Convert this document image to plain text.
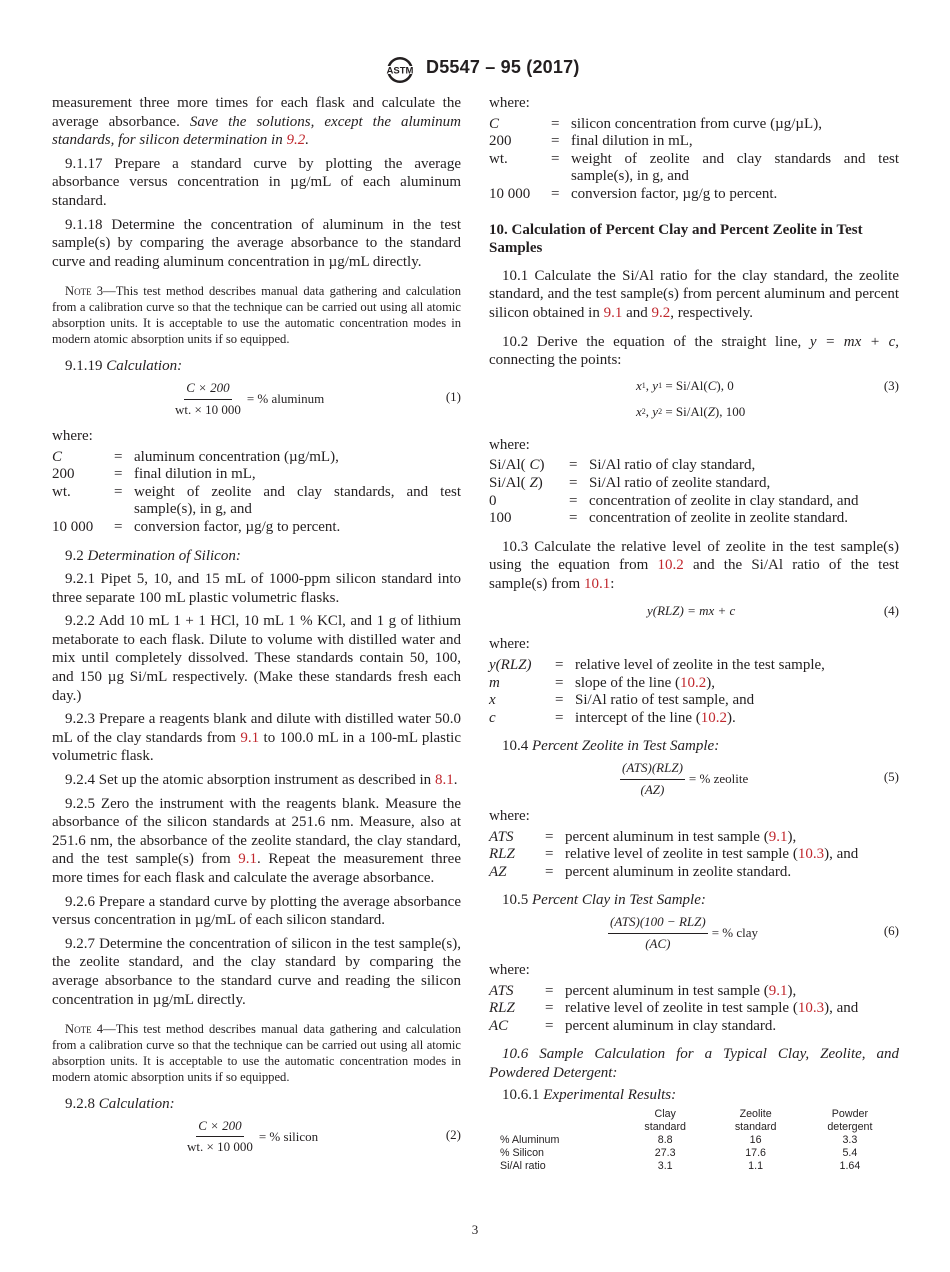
ASTM D5547 – 95 (2017)

measurement three more times for each flask and calculate the average absorbance. Save the solutions, except the aluminum standards, for silicon determination in 9.2.

9.1.17 Prepare a standard curve by plotting the average absorbance versus concentration in µg/mL of each aluminum standard.

9.1.18 Determine the concentration of aluminum in the test sample(s) by comparing the average absorbance to the standard curve and reading aluminum concentration in µg/mL directly.

Note 3—This test method describes manual data gathering and calculation from a calibration curve so that the technique can be carried out using all atomic absorption units. It is acceptable to use the automatic concentration modes in modern atomic absorption units if so equipped.

9.1.19 Calculation:

$\frac{C \times 200}{wt. \times 10 000}$ = % aluminum	(1)

where:

C	= aluminum concentration (µg/mL),
200	= final dilution in mL,
wt.	= weight of zeolite and clay standards, and test sample(s), in g, and
10 000	= conversion factor, µg/g to percent.

9.2 Determination of Silicon:

9.2.1 Pipet 5, 10, and 15 mL of 1000-ppm silicon standard into three separate 100 mL plastic volumetric flasks.

9.2.2 Add 10 mL 1 + 1 HCl, 10 mL 1 % KCl, and 1 g of lithium metaborate to each flask. Dilute to volume with distilled water and mix until completely dissolved. These standards contain 50, 100, and 150 µg Si/mL respectively. (Make these standards fresh each day.)

9.2.3 Prepare a reagents blank and dilute with distilled water 50.0 mL of the clay standards from 9.1 to 100.0 mL in a 100-mL plastic volumetric flask.

9.2.4 Set up the atomic absorption instrument as described in 8.1.

9.2.5 Zero the instrument with the reagents blank. Measure the absorbance of the silicon standards at 251.6 nm. Measure, also at 251.6 nm, the absorbance of the zeolite standard, the clay standard, and the test sample(s) from 9.1. Repeat the measurement three more times for each flask and calculate the average absorbance.

9.2.6 Prepare a standard curve by plotting the average absorbance versus concentration in µg/mL of each silicon standard.

9.2.7 Determine the concentration of silicon in the test sample(s), the zeolite standard, and the clay standard by comparing the average absorbance to the standard curve and reading the silicon concentration in µg/mL directly.

Note 4—This test method describes manual data gathering and calculation from a calibration curve so that the technique can be carried out using all atomic absorption units. It is acceptable to use the automatic concentration modes in modern atomic absorption units if so equipped.

9.2.8 Calculation:

$\frac{C \times 200}{wt. \times 10 000}$ = % silicon	(2)

where:

C	= silicon concentration from curve (µg/µL),
200	= final dilution in mL,
wt.	= weight of zeolite and clay standards and test sample(s), in g, and
10 000	= conversion factor, µg/g to percent.
10. Calculation of Percent Clay and Percent Zeolite in Test Samples

10.1 Calculate the Si/Al ratio for the clay standard, the zeolite standard, and the test sample(s) from percent aluminum and percent silicon obtained in 9.1 and 9.2, respectively.

10.2 Derive the equation of the straight line, y = mx + c, connecting the points:

x 1 , y 1 = Si/Al( C ), 0	(3)
x 2 , y 2 = Si/Al( Z ), 100

where:

Si/Al( C)	= Si/Al ratio of clay standard,
Si/Al( Z)	= Si/Al ratio of zeolite standard,
0	= concentration of zeolite in clay standard, and
100	= concentration of zeolite in zeolite standard.

10.3 Calculate the relative level of zeolite in the test sample(s) using the equation from 10.2 and the Si/Al ratio of the test sample(s) from 10.1:

y(RLZ) = mx + c	(4)

where:

y(RLZ)	= relative level of zeolite in the test sample,
m	= slope of the line (10.2),
x	= Si/Al ratio of test sample, and
c	= intercept of the line (10.2).

10.4 Percent Zeolite in Test Sample:

$\frac{\text{(ATS)(RLZ)}}{(AZ)}$ = % zeolite	(5)

where:

ATS	= percent aluminum in test sample (9.1),
RLZ	= relative level of zeolite in test sample (10.3), and
AZ	= percent aluminum in zeolite standard.

10.5 Percent Clay in Test Sample:

$\frac{\text{(ATS)(100 − RLZ)}}{(AC)}$ = % clay	(6)

where:

ATS	= percent aluminum in test sample (9.1),
RLZ	= relative level of zeolite in test sample (10.3), and
AC	= percent aluminum in clay standard.

10.6 Sample Calculation for a Typical Clay, Zeolite, and Powdered Detergent:

10.6.1 Experimental Results:

	Clay	Zeolite	Powder
	standard	standard	detergent
% Aluminum	8.8	16	3.3
% Silicon	27.3	17.6	5.4
Si/Al ratio	3.1	1.1	1.64
3
